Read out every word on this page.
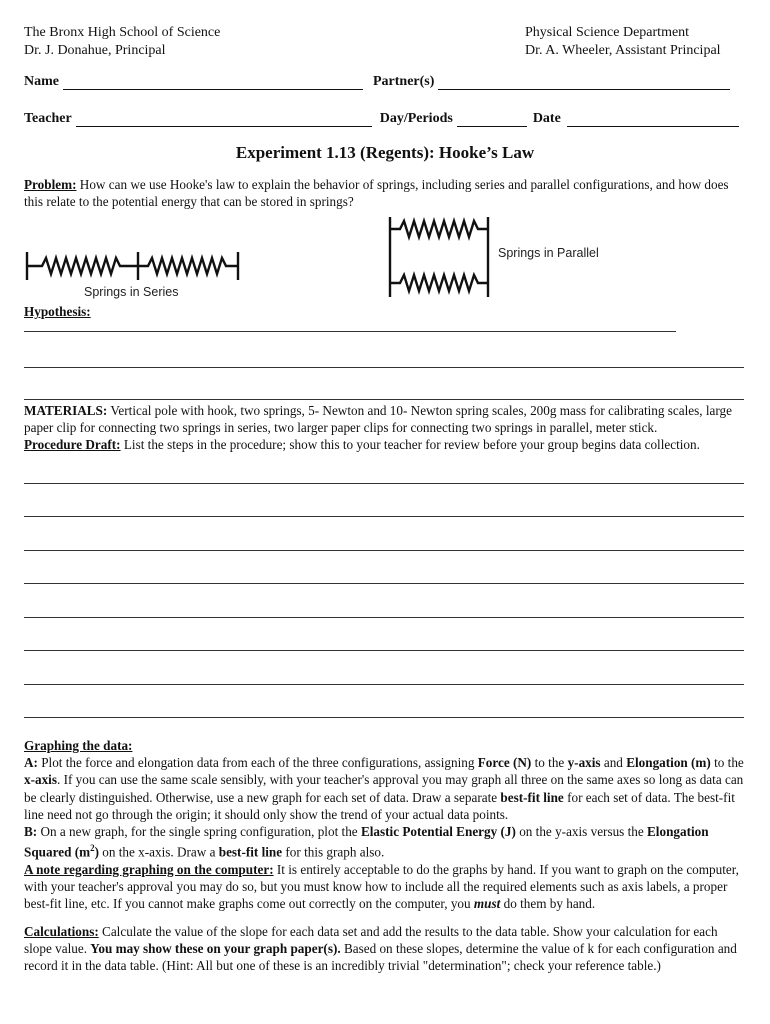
The Bronx High School of Science
Dr. J. Donahue, Principal
Physical Science Department
Dr. A. Wheeler, Assistant Principal
Name	Partner(s)
Teacher	Day/Periods	Date
Experiment 1.13 (Regents): Hooke’s Law
Problem: How can we use Hooke's law to explain the behavior of springs, including series and parallel configurations, and how does this relate to the potential energy that can be stored in springs?
Springs in Series
Springs in Parallel
Hypothesis:
MATERIALS: Vertical pole with hook, two springs, 5- Newton and 10- Newton spring scales, 200g mass for calibrating scales, large paper clip for connecting two springs in series, two larger paper clips for connecting two springs in parallel, meter stick.
Procedure Draft: List the steps in the procedure; show this to your teacher for review before your group begins data collection.
Graphing the data:
A: Plot the force and elongation data from each of the three configurations, assigning Force (N) to the y-axis and Elongation (m) to the x-axis. If you can use the same scale sensibly, with your teacher's approval you may graph all three on the same axes so long as data can be clearly distinguished. Otherwise, use a new graph for each set of data. Draw a separate best-fit line for each set of data. The best-fit line need not go through the origin; it should only show the trend of your actual data points.
B: On a new graph, for the single spring configuration, plot the Elastic Potential Energy (J) on the y-axis versus the Elongation Squared $(m^2)$ on the x-axis. Draw a best-fit line for this graph also.
A note regarding graphing on the computer: It is entirely acceptable to do the graphs by hand. If you want to graph on the computer, with your teacher's approval you may do so, but you must know how to include all the required elements such as axis labels, a proper best-fit line, etc. If you cannot make graphs come out correctly on the computer, you must do them by hand.
Calculations: Calculate the value of the slope for each data set and add the results to the data table. Show your calculation for each slope value. You may show these on your graph paper(s). Based on these slopes, determine the value of k for each configuration and record it in the data table. (Hint: All but one of these is an incredibly trivial "determination"; check your reference table.)
